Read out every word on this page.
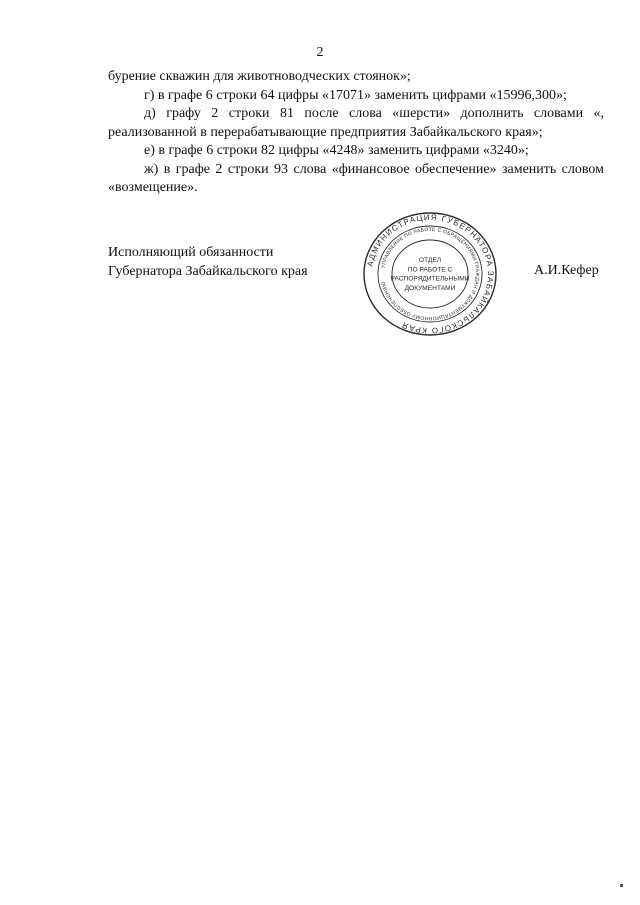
2

бурение скважин для животноводческих стоянок»;

г) в графе 6 строки 64 цифры «17071» заменить цифрами «15996,300»;

д) графу 2 строки 81 после слова «шерсти» дополнить словами «, реализованной в перерабатывающие предприятия Забайкальского края»;

е) в графе 6 строки 82 цифры «4248» заменить цифрами «3240»;

ж) в графе 2 строки 93 слова «финансовое обеспечение» заменить словом «возмещение».

Исполняющий обязанности
Губернатора Забайкальского края
АДМИНИСТРАЦИЯ ГУБЕРНАТОРА ЗАБАЙКАЛЬСКОГО КРАЯ
УПРАВЛЕНИЕ ПО РАБОТЕ С ОБРАЩЕНИЯМИ ГРАЖДАН И ДОКУМЕНТАЦИОННОМУ ОБЕСПЕЧЕНИЮ
ОТДЕЛ
ПО РАБОТЕ С
РАСПОРЯДИТЕЛЬНЫМИ
ДОКУМЕНТАМИ
А.И.Кефер
